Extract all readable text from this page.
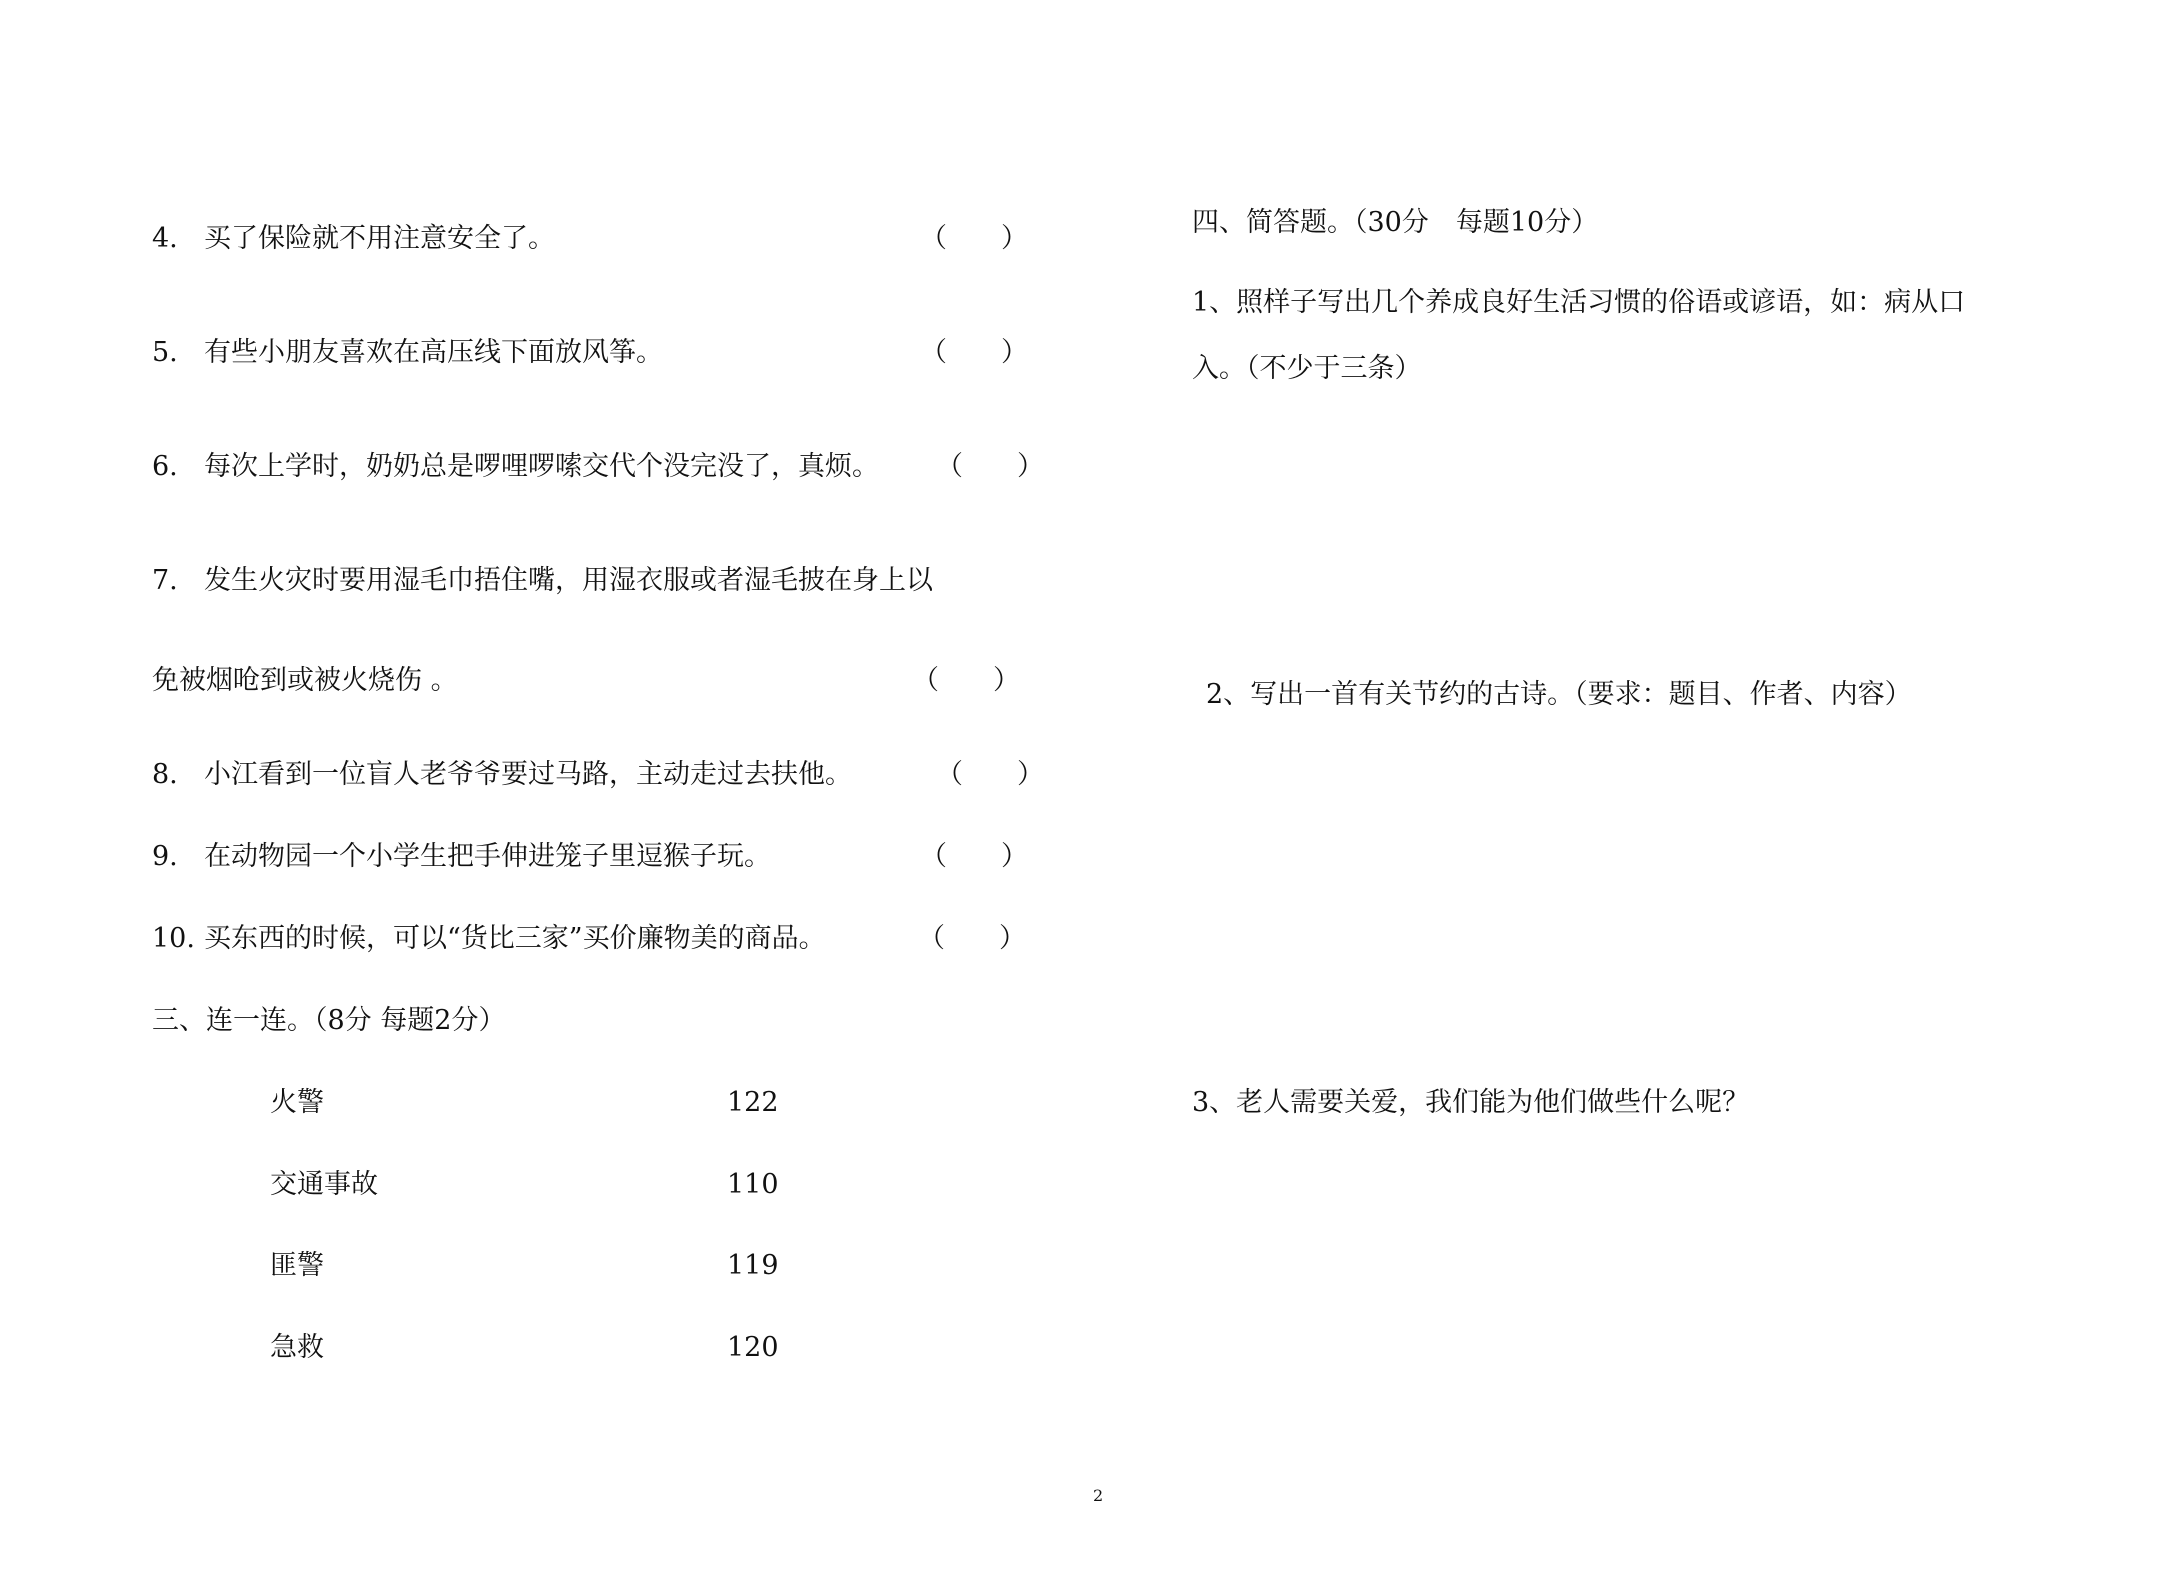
4. 买了保险就不用注意安全了。	（　　）
5. 有些小朋友喜欢在高压线下面放风筝。	（　　）
6. 每次上学时，奶奶总是啰哩啰嗦交代个没完没了，真烦。 （　　）
7. 发生火灾时要用湿毛巾捂住嘴，用湿衣服或者湿毛披在身上以
免被烟呛到或被火烧伤 。	（　　）
8. 小江看到一位盲人老爷爷要过马路，主动走过去扶他。	（　　）
9. 在动物园一个小学生把手伸进笼子里逗猴子玩。	（　　）
10. 买东西的时候，可以“货比三家”买价廉物美的商品。	（　　）
三、连一连。（8分 每题2分）
火警	122
交通事故	110
匪警	119
急救	120
四、简答题。（30分　每题10分）
1、照样子写出几个养成良好生活习惯的俗语或谚语，如：病从口
入。（不少于三条）
2、写出一首有关节约的古诗。（要求：题目、作者、内容）
3、老人需要关爱，我们能为他们做些什么呢？
2
